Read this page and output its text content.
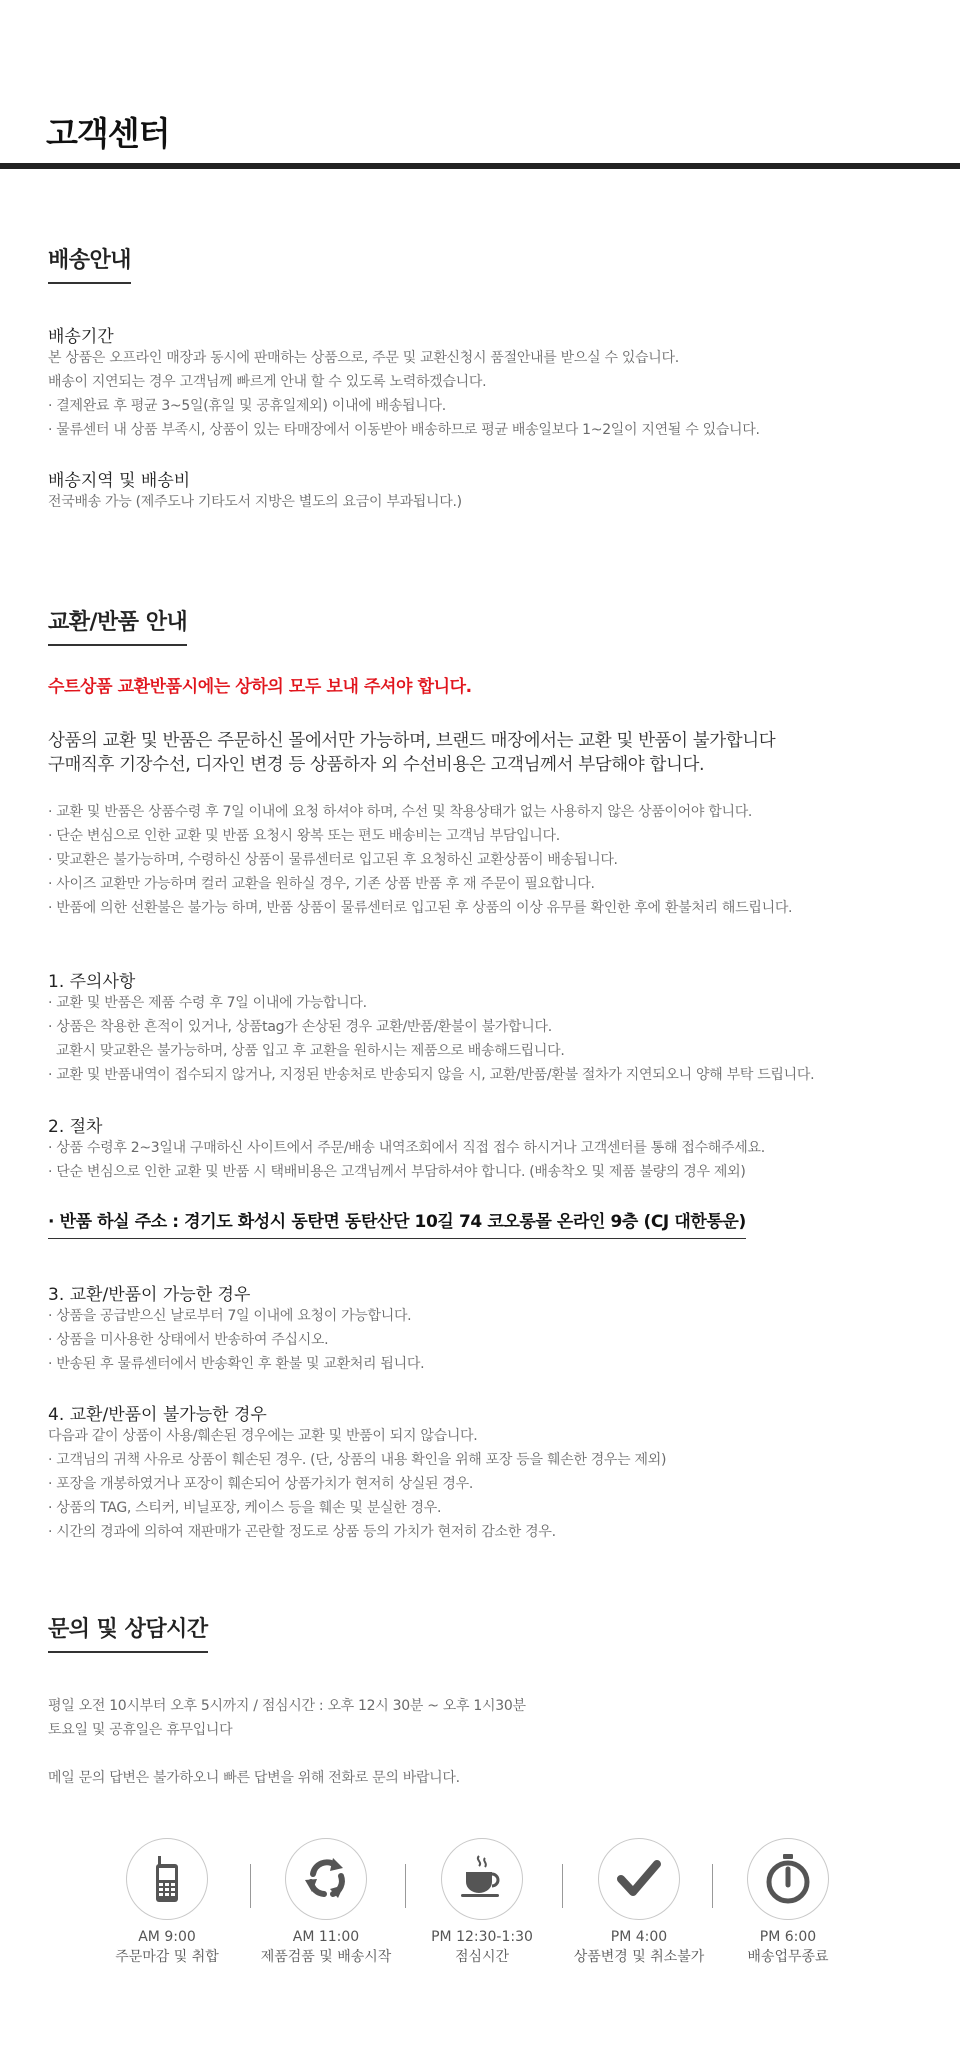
고객센터
배송안내
배송기간
본 상품은 오프라인 매장과 동시에 판매하는 상품으로, 주문 및 교환신청시 품절안내를 받으실 수 있습니다.
배송이 지연되는 경우 고객님께 빠르게 안내 할 수 있도록 노력하겠습니다.
· 결제완료 후 평균 3~5일(휴일 및 공휴일제외) 이내에 배송됩니다.
· 물류센터 내 상품 부족시, 상품이 있는 타매장에서 이동받아 배송하므로 평균 배송일보다 1~2일이 지연될 수 있습니다.
배송지역 및 배송비
전국배송 가능 (제주도나 기타도서 지방은 별도의 요금이 부과됩니다.)
교환/반품 안내
수트상품 교환반품시에는 상하의 모두 보내 주셔야 합니다.
상품의 교환 및 반품은 주문하신 몰에서만 가능하며, 브랜드 매장에서는 교환 및 반품이 불가합니다
구매직후 기장수선, 디자인 변경 등 상품하자 외 수선비용은 고객님께서 부담해야 합니다.
· 교환 및 반품은 상품수령 후 7일 이내에 요청 하셔야 하며, 수선 및 착용상태가 없는 사용하지 않은 상품이어야 합니다.
· 단순 변심으로 인한 교환 및 반품 요청시 왕복 또는 편도 배송비는 고객님 부담입니다.
· 맞교환은 불가능하며, 수령하신 상품이 물류센터로 입고된 후 요청하신 교환상품이 배송됩니다.
· 사이즈 교환만 가능하며 컬러 교환을 원하실 경우, 기존 상품 반품 후 재 주문이 필요합니다.
· 반품에 의한 선환불은 불가능 하며, 반품 상품이 물류센터로 입고된 후 상품의 이상 유무를 확인한 후에 환불처리 해드립니다.
1. 주의사항
· 교환 및 반품은 제품 수령 후 7일 이내에 가능합니다.
· 상품은 착용한 흔적이 있거나, 상품tag가 손상된 경우 교환/반품/환불이 불가합니다.
교환시 맞교환은 불가능하며, 상품 입고 후 교환을 원하시는 제품으로 배송해드립니다.
· 교환 및 반품내역이 접수되지 않거나, 지정된 반송처로 반송되지 않을 시, 교환/반품/환불 절차가 지연되오니 양해 부탁 드립니다.
2. 절차
· 상품 수령후 2~3일내 구매하신 사이트에서 주문/배송 내역조회에서 직접 접수 하시거나 고객센터를 통해 접수해주세요.
· 단순 변심으로 인한 교환 및 반품 시 택배비용은 고객님께서 부담하셔야 합니다. (배송착오 및 제품 불량의 경우 제외)
· 반품 하실 주소 : 경기도 화성시 동탄면 동탄산단 10길 74 코오롱몰 온라인 9층 (CJ 대한통운)
3. 교환/반품이 가능한 경우
· 상품을 공급받으신 날로부터 7일 이내에 요청이 가능합니다.
· 상품을 미사용한 상태에서 반송하여 주십시오.
· 반송된 후 물류센터에서 반송확인 후 환불 및 교환처리 됩니다.
4. 교환/반품이 불가능한 경우
다음과 같이 상품이 사용/훼손된 경우에는 교환 및 반품이 되지 않습니다.
· 고객님의 귀책 사유로 상품이 훼손된 경우. (단, 상품의 내용 확인을 위해 포장 등을 훼손한 경우는 제외)
· 포장을 개봉하였거나 포장이 훼손되어 상품가치가 현저히 상실된 경우.
· 상품의 TAG, 스티커, 비닐포장, 케이스 등을 훼손 및 분실한 경우.
· 시간의 경과에 의하여 재판매가 곤란할 정도로 상품 등의 가치가 현저히 감소한 경우.
문의 및 상담시간
평일 오전 10시부터 오후 5시까지 / 점심시간 : 오후 12시 30분 ~ 오후 1시30분
토요일 및 공휴일은 휴무입니다
메일 문의 답변은 불가하오니 빠른 답변을 위해 전화로 문의 바랍니다.
AM 9:00
주문마감 및 취합
AM 11:00
제품검품 및 배송시작
PM 12:30-1:30
점심시간
PM 4:00
상품변경 및 취소불가
PM 6:00
배송업무종료
